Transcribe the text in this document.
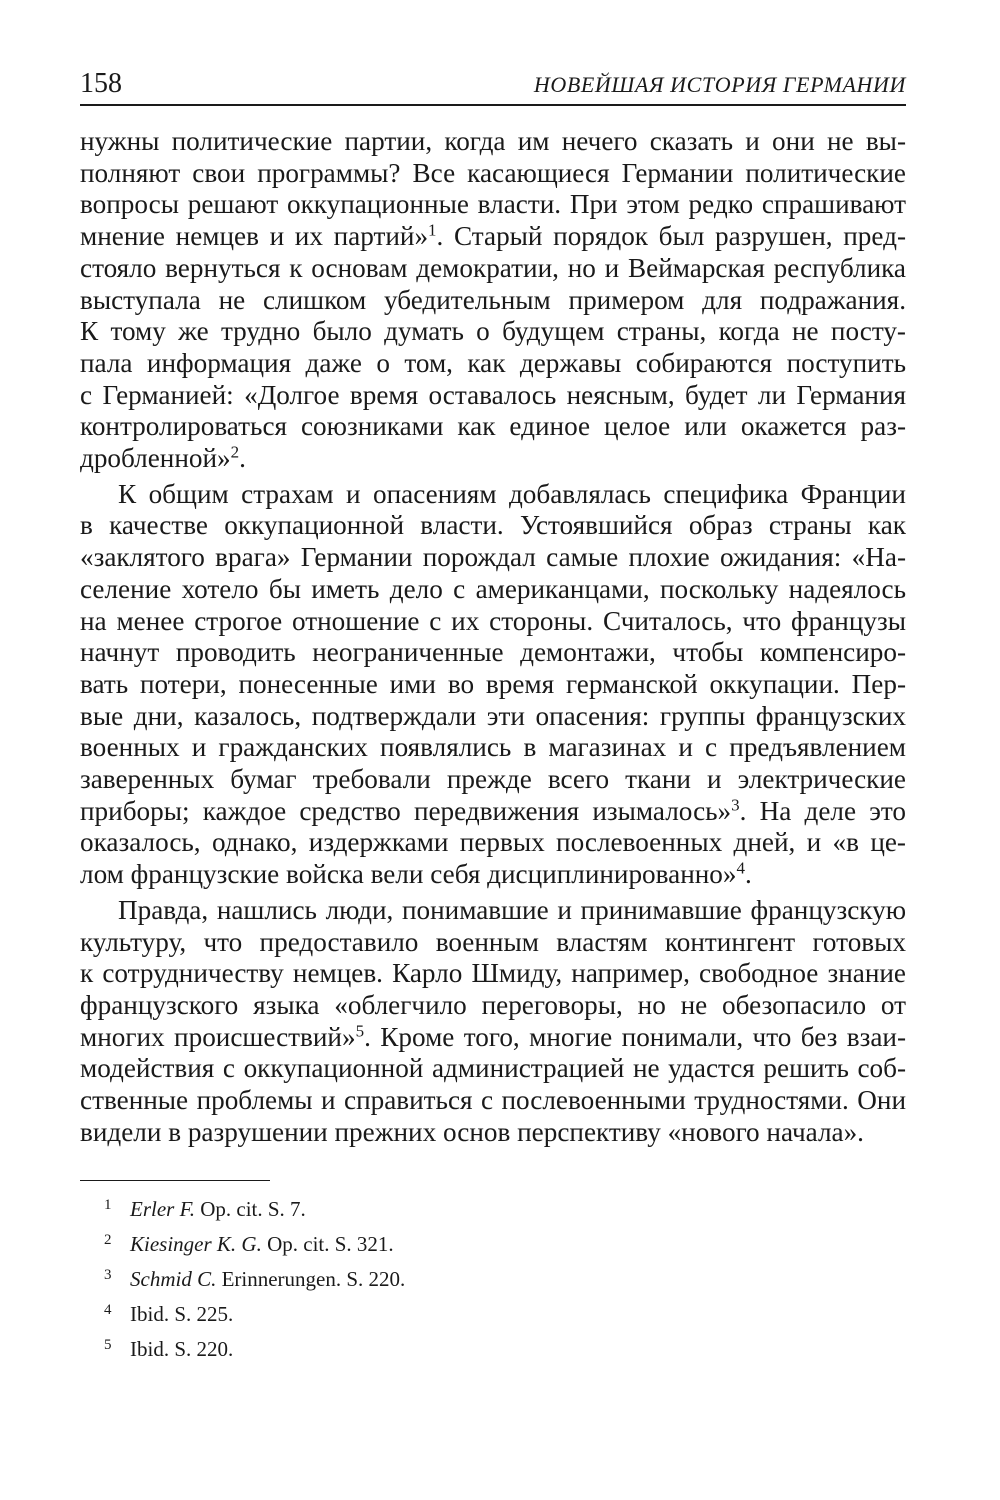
158	НОВЕЙШАЯ ИСТОРИЯ ГЕРМАНИИ
нужны политические партии, когда им нечего сказать и они не вы-
полняют свои программы? Все касающиеся Германии политические
вопросы решают оккупационные власти. При этом редко спрашивают
мнение немцев и их партий»$^1$. Старый порядок был разрушен, пред-
стояло вернуться к основам демократии, но и Веймарская республика
выступала не слишком убедительным примером для подражания.
К тому же трудно было думать о будущем страны, когда не посту-
пала информация даже о том, как державы собираются поступить
с Германией: «Долгое время оставалось неясным, будет ли Германия
контролироваться союзниками как единое целое или окажется раз-
дробленной»$^2$.
К общим страхам и опасениям добавлялась специфика Франции
в качестве оккупационной власти. Устоявшийся образ страны как
«заклятого врага» Германии порождал самые плохие ожидания: «На-
селение хотело бы иметь дело с американцами, поскольку надеялось
на менее строгое отношение с их стороны. Считалось, что французы
начнут проводить неограниченные демонтажи, чтобы компенсиро-
вать потери, понесенные ими во время германской оккупации. Пер-
вые дни, казалось, подтверждали эти опасения: группы французских
военных и гражданских появлялись в магазинах и с предъявлением
заверенных бумаг требовали прежде всего ткани и электрические
приборы; каждое средство передвижения изымалось»$^3$. На деле это
оказалось, однако, издержками первых послевоенных дней, и «в це-
лом французские войска вели себя дисциплинированно»$^4$.
Правда, нашлись люди, понимавшие и принимавшие французскую
культуру, что предоставило военным властям контингент готовых
к сотрудничеству немцев. Карло Шмиду, например, свободное знание
французского языка «облегчило переговоры, но не обезопасило от
многих происшествий»$^5$. Кроме того, многие понимали, что без взаи-
модействия с оккупационной администрацией не удастся решить соб-
ственные проблемы и справиться с послевоенными трудностями. Они
видели в разрушении прежних основ перспективу «нового начала».
1 Erler F. Op. cit. S. 7.
2 Kiesinger K. G. Op. cit. S. 321.
3 Schmid C. Erinnerungen. S. 220.
4 Ibid. S. 225.
5 Ibid. S. 220.
